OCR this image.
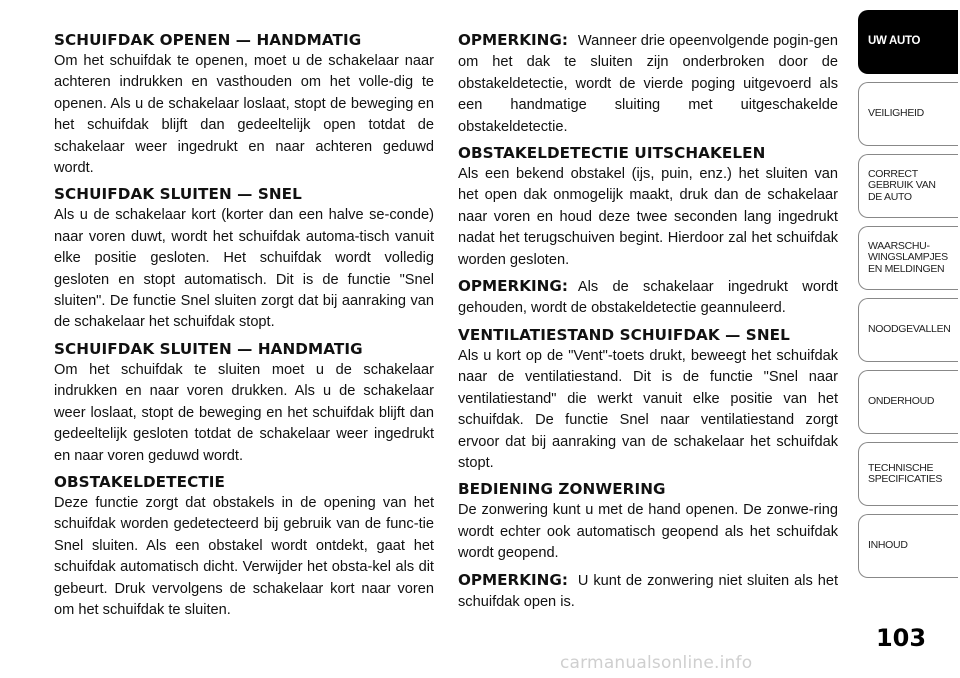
SCHUIFDAK OPENEN — HANDMATIG

Om het schuifdak te openen, moet u de schakelaar naar achteren indrukken en vasthouden om het volle-dig te openen. Als u de schakelaar loslaat, stopt de beweging en het schuifdak blijft dan gedeeltelijk open totdat de schakelaar weer ingedrukt en naar achteren geduwd wordt.

SCHUIFDAK SLUITEN — SNEL

Als u de schakelaar kort (korter dan een halve se-conde) naar voren duwt, wordt het schuifdak automa-tisch vanuit elke positie gesloten. Het schuifdak wordt volledig gesloten en stopt automatisch. Dit is de functie "Snel sluiten". De functie Snel sluiten zorgt dat bij aanraking van de schakelaar het schuifdak stopt.

SCHUIFDAK SLUITEN — HANDMATIG

Om het schuifdak te sluiten moet u de schakelaar indrukken en naar voren drukken. Als u de schakelaar weer loslaat, stopt de beweging en het schuifdak blijft dan gedeeltelijk gesloten totdat de schakelaar weer ingedrukt en naar voren geduwd wordt.

OBSTAKELDETECTIE

Deze functie zorgt dat obstakels in de opening van het schuifdak worden gedetecteerd bij gebruik van de func-tie Snel sluiten. Als een obstakel wordt ontdekt, gaat het schuifdak automatisch dicht. Verwijder het obsta-kel als dit gebeurt. Druk vervolgens de schakelaar kort naar voren om het schuifdak te sluiten.

OPMERKING: Wanneer drie opeenvolgende pogin-gen om het dak te sluiten zijn onderbroken door de obstakeldetectie, wordt de vierde poging uitgevoerd als een handmatige sluiting met uitgeschakelde obstakeldetectie.

OBSTAKELDETECTIE UITSCHAKELEN

Als een bekend obstakel (ijs, puin, enz.) het sluiten van het open dak onmogelijk maakt, druk dan de schakelaar naar voren en houd deze twee seconden lang ingedrukt nadat het terugschuiven begint. Hierdoor zal het schuifdak worden gesloten.

OPMERKING: Als de schakelaar ingedrukt wordt gehouden, wordt de obstakeldetectie geannuleerd.

VENTILATIESTAND SCHUIFDAK — SNEL

Als u kort op de "Vent"-toets drukt, beweegt het schuifdak naar de ventilatiestand. Dit is de functie "Snel naar ventilatiestand" die werkt vanuit elke positie van het schuifdak. De functie Snel naar ventilatiestand zorgt ervoor dat bij aanraking van de schakelaar het schuifdak stopt.

BEDIENING ZONWERING

De zonwering kunt u met de hand openen. De zonwe-ring wordt echter ook automatisch geopend als het schuifdak wordt geopend.

OPMERKING: U kunt de zonwering niet sluiten als het schuifdak open is.

UW AUTO
VEILIGHEID
CORRECT
GEBRUIK VAN
DE AUTO
WAARSCHU-
WINGSLAMPJES
EN MELDINGEN
NOODGEVALLEN
ONDERHOUD
TECHNISCHE
SPECIFICATIES
INHOUD
103
carmanualsonline.info
